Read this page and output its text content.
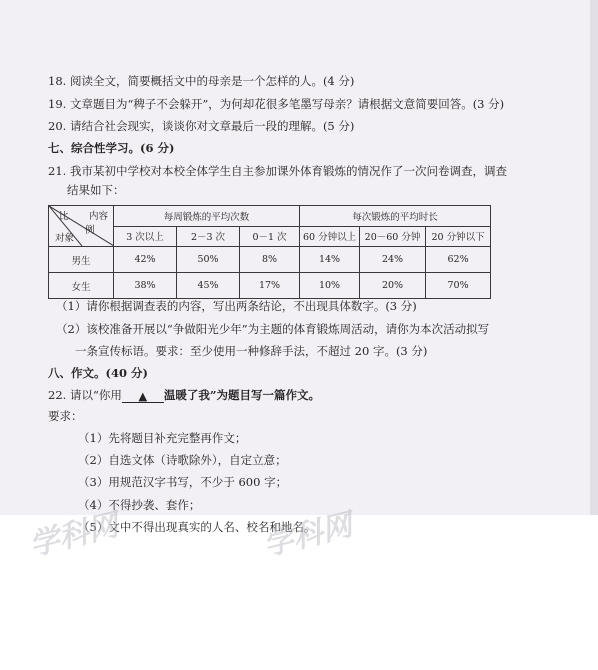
18. 阅读全文，简要概括文中的母亲是一个怎样的人。(4 分)
19. 文章题目为“稗子不会躲开”，为何却花很多笔墨写母亲？请根据文意简要回答。(3 分)
20. 请结合社会现实，谈谈你对文章最后一段的理解。(5 分)
七、综合性学习。(6 分)
21. 我市某初中学校对本校全体学生自主参加课外体育锻炼的情况作了一次问卷调查，调查
结果如下：
比 内容
例
对象	每周锻炼的平均次数			每次锻炼的平均时长		
	3 次以上	2－3 次	0－1 次	60 分钟以上	20－60 分钟	20 分钟以下
男生	42%	50%	8%	14%	24%	62%
女生	38%	45%	17%	10%	20%	70%
（1）请你根据调查表的内容，写出两条结论，不出现具体数字。(3 分)
（2）该校准备开展以“争做阳光少年”为主题的体育锻炼周活动，请你为本次活动拟写
一条宣传标语。要求：至少使用一种修辞手法，不超过 20 字。(3 分)
八、作文。(40 分)
22. 请以“你用 ▲ 温暖了我”为题目写一篇作文。
要求：
（1）先将题目补充完整再作文；
（2）自选文体（诗歌除外），自定立意；
（3）用规范汉字书写，不少于 600 字；
（4）不得抄袭、套作；
（5）文中不得出现真实的人名、校名和地名。
学科网	学科网
